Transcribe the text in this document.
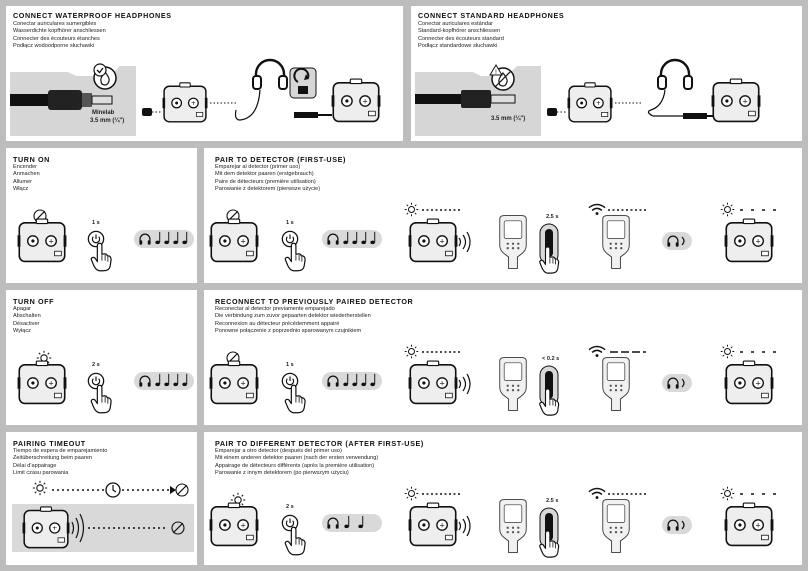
CONNECT WATERPROOF HEADPHONES
Conectar auriculares sumergibles
Wasserdichte kopfhörer anschliessen
Connecter des écouteurs étanches
Podłącz wodoodporne słuchawki
Minelab
3.5 mm (¼")
CONNECT STANDARD HEADPHONES
Conectar auriculares estándar
Standard-kopfhörer anschliessen
Connecter des écouteurs standard
Podłącz standardowe słuchawki
!
3.5 mm (¼")
TURN ON
Encender
Anmachen
Allumer
Włącz
1 s
PAIR TO DETECTOR (FIRST-USE)
Emparejar al detector (primer uso)
Mit dem detektor paaren (erstgebrauch)
Paire de détecteurs (première utilisation)
Parowanie z detektorem (pierwsze użycie)
1 s
2.5 s
TURN OFF
Apagar
Abschalten
Désactiver
Wyłącz
2 s
RECONNECT TO PREVIOUSLY PAIRED DETECTOR
Reconectar al detector previamente emparejado
Die verbindung zum zuvor gepaarten detektor wiederherstellen
Reconnexion au détecteur précédemment appairé
Ponowne połączenie z poprzednio sparowanym czujnikiem
1 s
< 0.2 s
PAIRING TIMEOUT
Tiempo de espera de emparejamiento
Zeitüberschreitung beim paaren
Délai d'appairage
Limit czasu parowania
PAIR TO DIFFERENT DETECTOR (AFTER FIRST-USE)
Emparejar a otro detector (después del primer uso)
Mit einem anderen detektor paaren (nach der ersten verwendung)
Appairage de détecteurs différents (après la première utilisation)
Parowanie z innym detektorem (po pierwszym użyciu)
2 s
2.5 s
